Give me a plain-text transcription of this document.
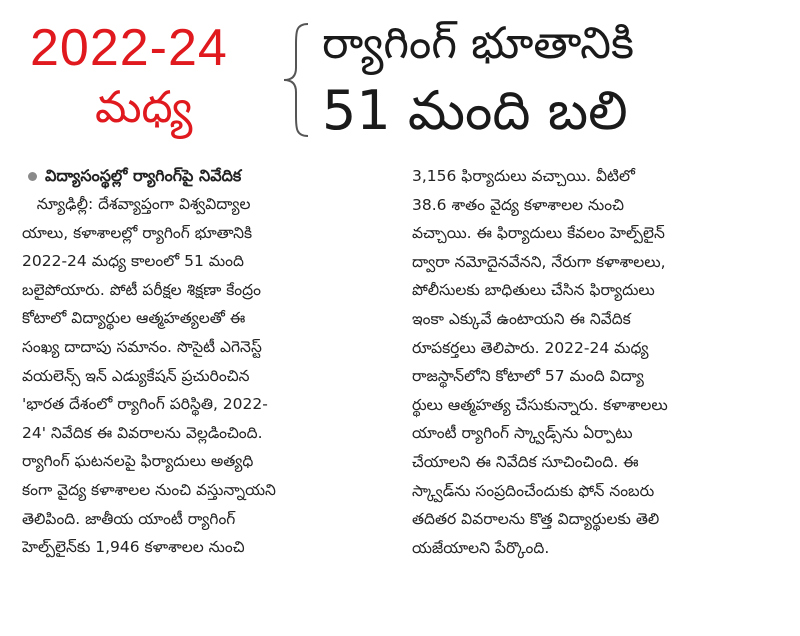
2022-24
మధ్య
ర్యాగింగ్ భూతానికి
51 మంది బలి
విద్యాసంస్థల్లో ర్యాగింగ్‌పై నివేదిక
న్యూఢిల్లీ: దేశవ్యాప్తంగా విశ్వవిద్యాల
యాలు, కళాశాలల్లో ర్యాగింగ్ భూతానికి
2022-24 మధ్య కాలంలో 51 మంది
బలైపోయారు. పోటీ పరీక్షల శిక్షణా కేంద్రం
కోటాలో విద్యార్థుల ఆత్మహత్యలతో ఈ
సంఖ్య దాదాపు సమానం. సొసైటీ ఎగెనెస్ట్
వయలెన్స్ ఇన్ ఎడ్యుకేషన్ ప్రచురించిన
'భారత దేశంలో ర్యాగింగ్ పరిస్థితి, 2022-
24' నివేదిక ఈ వివరాలను వెల్లడించింది.
ర్యాగింగ్ ఘటనలపై ఫిర్యాదులు అత్యధి
కంగా వైద్య కళాశాలల నుంచి వస్తున్నాయని
తెలిపింది. జాతీయ యాంటీ ర్యాగింగ్
హెల్ప్‌లైన్‌కు 1,946 కళాశాలల నుంచి
3,156 ఫిర్యాదులు వచ్చాయి. వీటిలో
38.6 శాతం వైద్య కళాశాలల నుంచి
వచ్చాయి. ఈ ఫిర్యాదులు కేవలం హెల్ప్‌లైన్
ద్వారా నమోదైనవేనని, నేరుగా కళాశాలలు,
పోలీసులకు బాధితులు చేసిన ఫిర్యాదులు
ఇంకా ఎక్కువే ఉంటాయని ఈ నివేదిక
రూపకర్తలు తెలిపారు. 2022-24 మధ్య
రాజస్థాన్‌లోని కోటాలో 57 మంది విద్యా
ర్థులు ఆత్మహత్య చేసుకున్నారు. కళాశాలలు
యాంటీ ర్యాగింగ్ స్క్వాడ్స్‌ను ఏర్పాటు
చేయాలని ఈ నివేదిక సూచించింది. ఈ
స్క్వాడ్‌ను సంప్రదించేందుకు ఫోన్ నంబరు
తదితర వివరాలను కొత్త విద్యార్థులకు తెలి
యజేయాలని పేర్కొంది.
